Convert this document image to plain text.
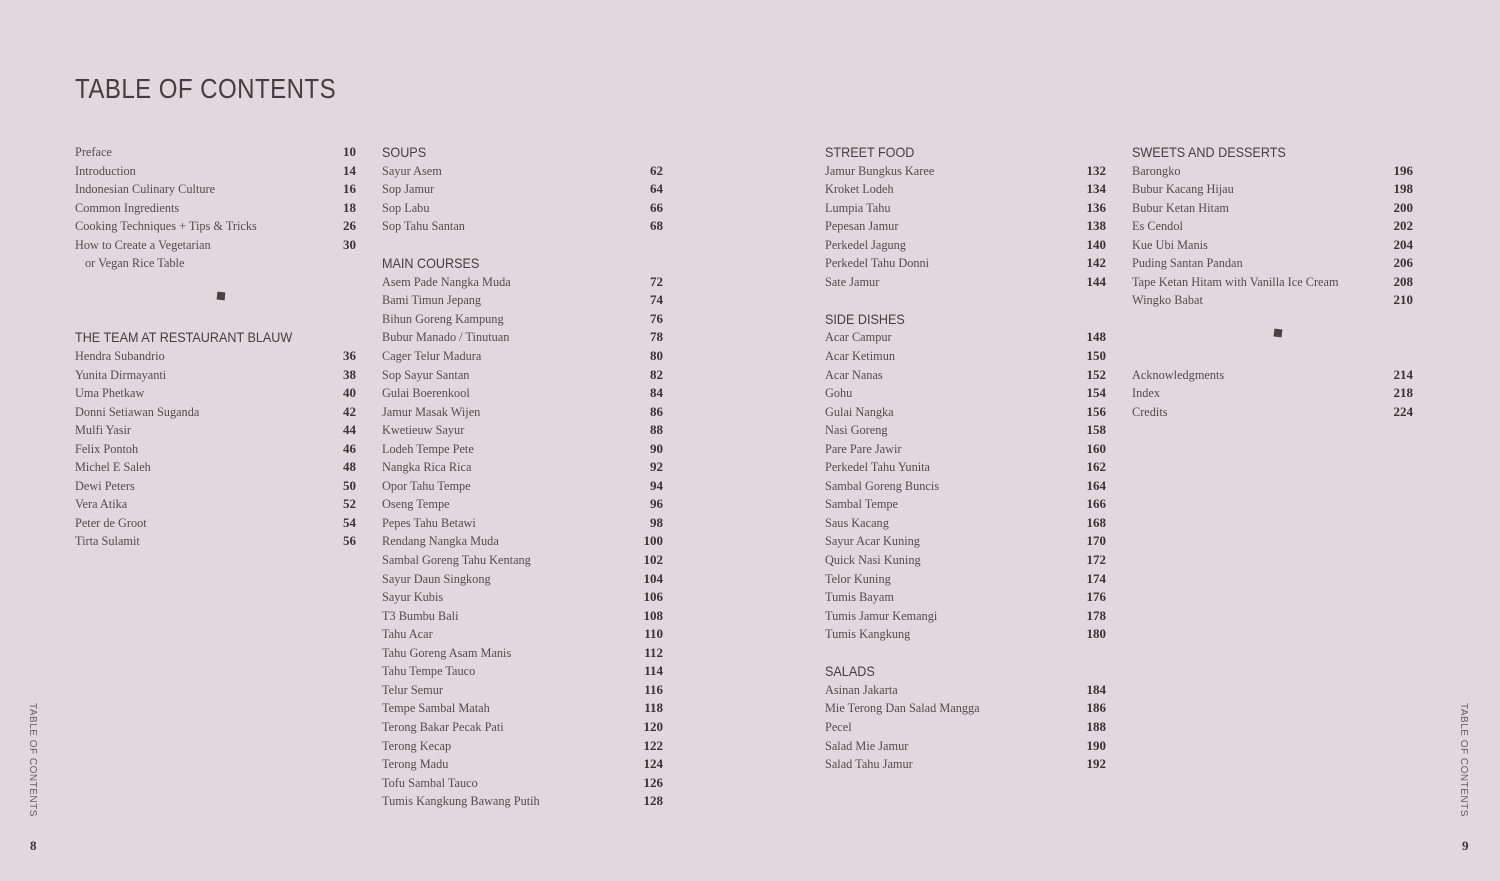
TABLE OF CONTENTS
Preface	10
Introduction	14
Indonesian Culinary Culture	16
Common Ingredients	18
Cooking Techniques + Tips & Tricks	26
How to Create a Vegetarian	30
or Vegan Rice Table
THE TEAM AT RESTAURANT BLAUW
Hendra Subandrio	36
Yunita Dirmayanti	38
Uma Phetkaw	40
Donni Setiawan Suganda	42
Mulfi Yasir	44
Felix Pontoh	46
Michel E Saleh	48
Dewi Peters	50
Vera Atika	52
Peter de Groot	54
Tirta Sulamit	56
SOUPS
Sayur Asem	62
Sop Jamur	64
Sop Labu	66
Sop Tahu Santan	68
MAIN COURSES
Asem Pade Nangka Muda	72
Bami Timun Jepang	74
Bihun Goreng Kampung	76
Bubur Manado / Tinutuan	78
Cager Telur Madura	80
Sop Sayur Santan	82
Gulai Boerenkool	84
Jamur Masak Wijen	86
Kwetieuw Sayur	88
Lodeh Tempe Pete	90
Nangka Rica Rica	92
Opor Tahu Tempe	94
Oseng Tempe	96
Pepes Tahu Betawi	98
Rendang Nangka Muda	100
Sambal Goreng Tahu Kentang	102
Sayur Daun Singkong	104
Sayur Kubis	106
T3 Bumbu Bali	108
Tahu Acar	110
Tahu Goreng Asam Manis	112
Tahu Tempe Tauco	114
Telur Semur	116
Tempe Sambal Matah	118
Terong Bakar Pecak Pati	120
Terong Kecap	122
Terong Madu	124
Tofu Sambal Tauco	126
Tumis Kangkung Bawang Putih	128
STREET FOOD
Jamur Bungkus Karee	132
Kroket Lodeh	134
Lumpia Tahu	136
Pepesan Jamur	138
Perkedel Jagung	140
Perkedel Tahu Donni	142
Sate Jamur	144
SIDE DISHES
Acar Campur	148
Acar Ketimun	150
Acar Nanas	152
Gohu	154
Gulai Nangka	156
Nasi Goreng	158
Pare Pare Jawir	160
Perkedel Tahu Yunita	162
Sambal Goreng Buncis	164
Sambal Tempe	166
Saus Kacang	168
Sayur Acar Kuning	170
Quick Nasi Kuning	172
Telor Kuning	174
Tumis Bayam	176
Tumis Jamur Kemangi	178
Tumis Kangkung	180
SALADS
Asinan Jakarta	184
Mie Terong Dan Salad Mangga	186
Pecel	188
Salad Mie Jamur	190
Salad Tahu Jamur	192
SWEETS AND DESSERTS
Barongko	196
Bubur Kacang Hijau	198
Bubur Ketan Hitam	200
Es Cendol	202
Kue Ubi Manis	204
Puding Santan Pandan	206
Tape Ketan Hitam with Vanilla Ice Cream	208
Wingko Babat	210
Acknowledgments	214
Index	218
Credits	224
TABLE OF CONTENTS	TABLE OF CONTENTS
8	9
